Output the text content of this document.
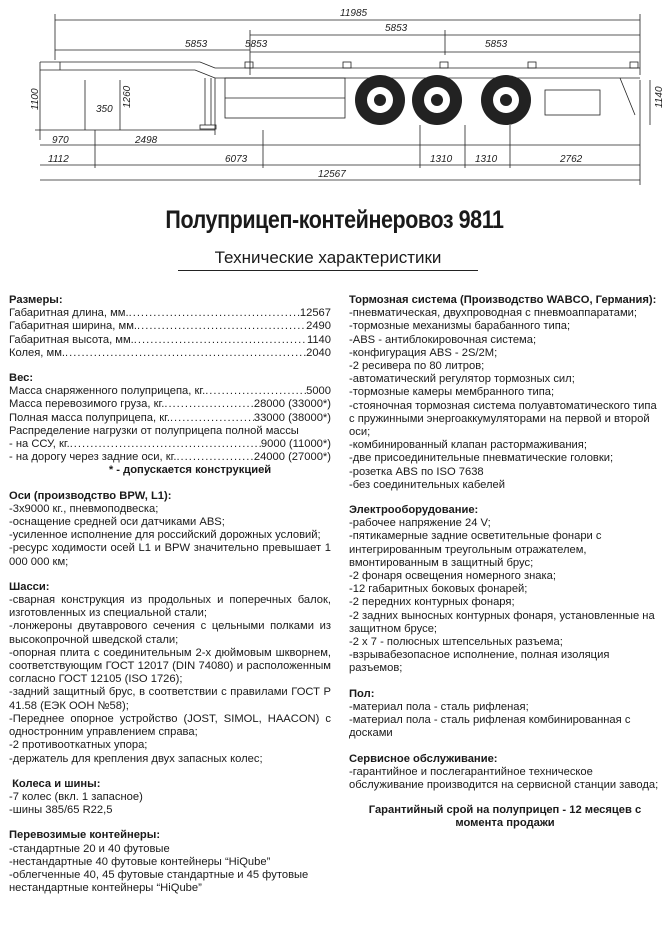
11985
5853
5853
5853	5853
1100	350
1260	1140
970	2498
1112	6073	1310 1310	2762
12567
Полуприцеп-контейнеровоз 9811
Технические характеристики
Размеры:
Габаритная длина, мм. .....	12567
Габаритная ширина, мм. .....	2490
Габаритная высота, мм. .....	1140
Колея, мм. .....	2040
Вес:
Масса снаряженного полуприцепа, кг. .....	5000
Масса перевозимого груза, кг. .....	28000 (33000*)
Полная масса полуприцепа, кг. .....	33000 (38000*)
Распределение нагрузки от полуприцепа полной массы
- на ССУ, кг. .....	9000 (11000*)
- на дорогу через задние оси, кг. .....	24000 (27000*)
* - допускается конструкцией
Оси (производство BPW, L1):
-3х9000 кг., пневмоподвеска;
-оснащение средней оси датчиками ABS;
-усиленное исполнение для российский дорожных условий;
-ресурс ходимости осей L1 и BPW значительно превышает 1 000 000 км;
Шасси:
-сварная конструкция из продольных и поперечных балок, изготовленных из специальной стали;
-лонжероны двутаврового сечения с цельными полками из высокопрочной шведской стали;
-опорная плита с соединительным 2-х дюймовым шкворнем, соответствующим ГОСТ 12017 (DIN 74080) и расположенным согласно ГОСТ 12105 (ISO 1726);
-задний защитный брус, в соответствии с правилами ГОСТ Р 41.58 (ЕЭК ООН №58);
-Переднее опорное устройство (JOST, SIMOL, HAACON) с одностронним управлением справа;
-2 противооткатных упора;
-держатель для крепления двух запасных колес;
Колеса и шины:
-7 колес (вкл. 1 запасное)
-шины 385/65 R22,5
Перевозимые контейнеры:
-стандартные 20 и 40 футовые
-нестандартные 40 футовые контейнеры “HiQube”
-облегченные 40, 45 футовые стандартные и 45 футовые нестандартные контейнеры “HiQube”
Тормозная система (Производство WABCO, Германия):
-пневматическая, двухпроводная с пневмоаппаратами;
-тормозные механизмы барабанного типа;
-ABS - антиблокировочная система;
-конфигурация ABS - 2S/2M;
-2 ресивера по 80 литров;
-автоматический регулятор тормозных сил;
-тормозные камеры мембранного типа;
-стояночная тормозная система полуавтоматического типа с пружинными энергоаккумуляторами на первой и второй оси;
-комбинированный клапан растормаживания;
-две присоединительные пневматические головки;
-розетка ABS по ISO 7638
-без соединительных кабелей
Электрооборудование:
-рабочее напряжение 24 V;
-пятикамерные задние осветительные фонари с интегрированным треугольным отражателем, вмонтированным в защитный брус;
-2 фонаря освещения номерного знака;
-12 габаритных боковых фонарей;
-2 передних контурных фонаря;
-2 задних выносных контурных фонаря, установленные на защитном брусе;
-2 x 7 - полюсных штепсельных разъема;
-взрывабезопасное исполнение, полная изоляция разъемов;
Пол:
-материал пола - сталь рифленая;
-материал пола - сталь рифленая комбинированная с досками
Сервисное обслуживание:
-гарантийное и послегарантийное техническое обслуживание производится на сервисной станции завода;
Гарантийный срой на полуприцеп - 12 месяцев с момента продажи
